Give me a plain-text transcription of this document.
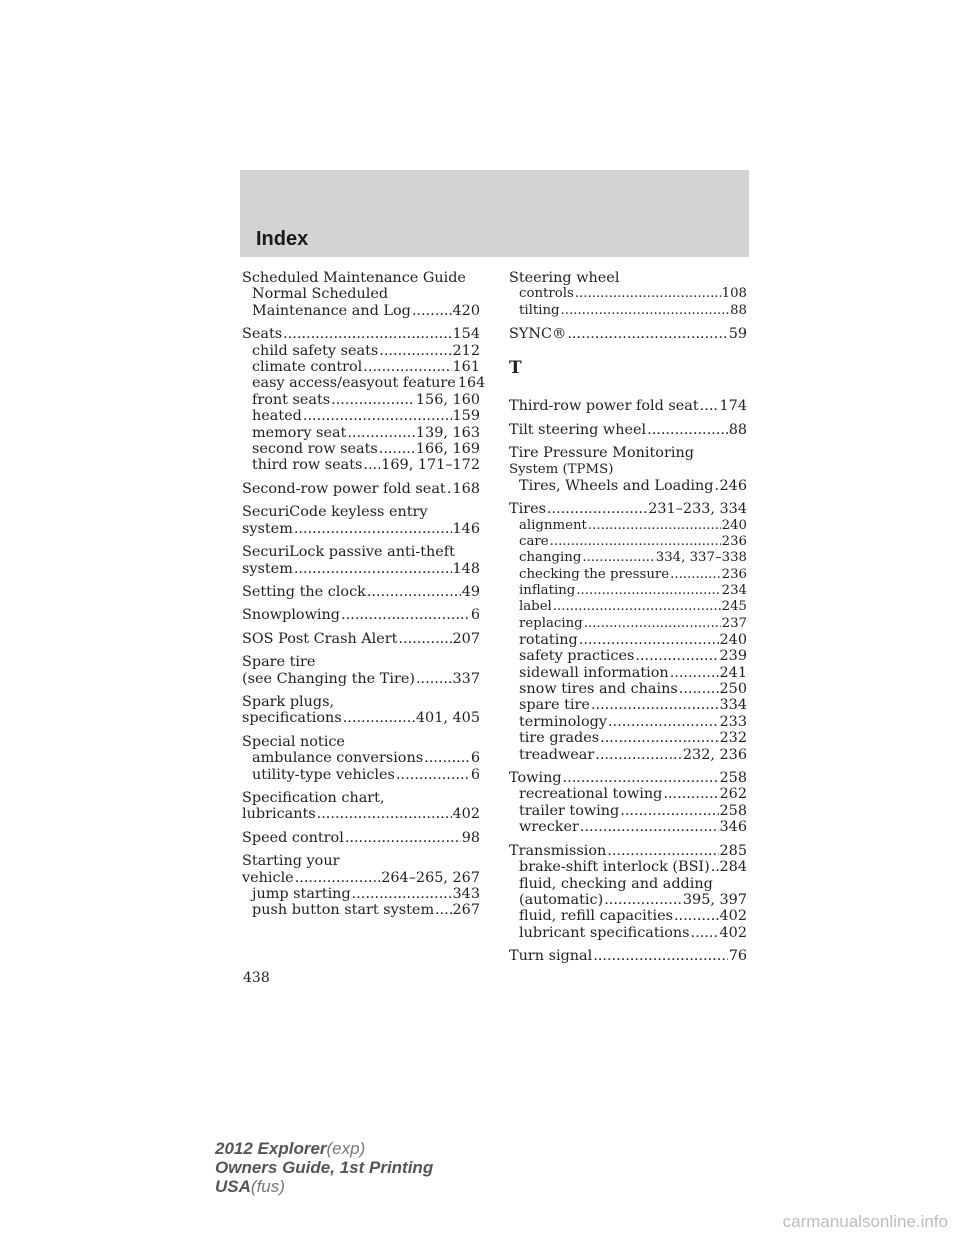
Index
Scheduled Maintenance Guide
Normal Scheduled
Maintenance and Log .....	420
Seats .....	154
child safety seats .....	212
climate control .....	161
easy access/easyout feature 164
front seats .....	156, 160
heated .....	159
memory seat .....	139, 163
second row seats .....	166, 169
third row seats ..... 169, 171–172
Second-row power fold seat ..... 168
SecuriCode keyless entry
system .....	146
SecuriLock passive anti-theft
system .....	148
Setting the clock .....	49
Snowplowing .....	6
SOS Post Crash Alert .....	207
Spare tire
(see Changing the Tire) .....	337
Spark plugs,
specifications .....	401, 405
Special notice
ambulance conversions .....	6
utility-type vehicles .....	6
Specification chart,
lubricants .....	402
Speed control .....	98
Starting your
vehicle .....	264–265, 267
jump starting .....	343
push button start system ..... 267
Steering wheel
controls .....	108
tilting .....	88
SYNC® .....	59
T
Third-row power fold seat ..... 174
Tilt steering wheel .....	88
Tire Pressure Monitoring
System (TPMS)
Tires, Wheels and Loading ..... 246
Tires .....	231–233, 334
alignment .....	240
care .....	236
changing .....	334, 337–338
checking the pressure .....	236
inflating .....	234
label .....	245
replacing .....	237
rotating .....	240
safety practices .....	239
sidewall information .....	241
snow tires and chains .....	250
spare tire .....	334
terminology .....	233
tire grades .....	232
treadwear .....	232, 236
Towing .....	258
recreational towing .....	262
trailer towing .....	258
wrecker .....	346
Transmission .....	285
brake-shift interlock (BSI) ..... 284
fluid, checking and adding
(automatic) .....	395, 397
fluid, refill capacities .....	402
lubricant specifications ..... 402
Turn signal .....	76
438
2012 Explorer(exp)
Owners Guide, 1st Printing
USA(fus)
carmanualsonline.info
